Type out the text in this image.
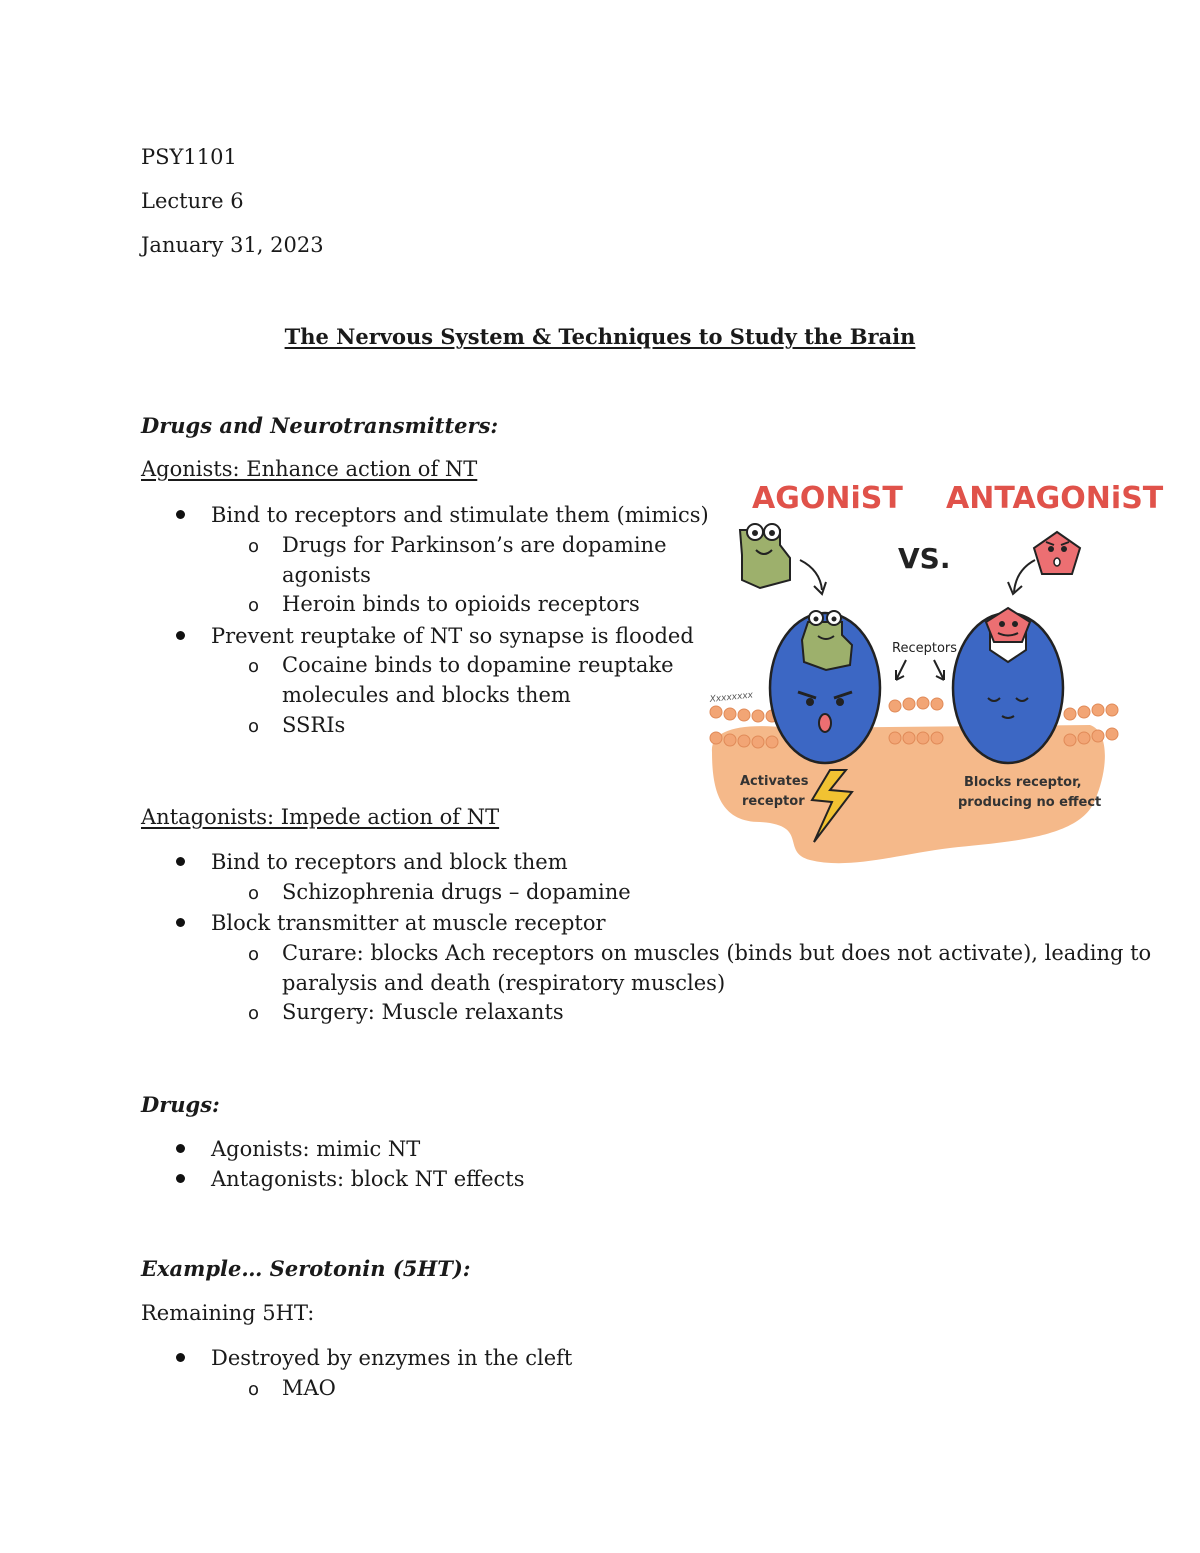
PSY1101
Lecture 6
January 31, 2023
The Nervous System & Techniques to Study the Brain
Drugs and Neurotransmitters:
Agonists: Enhance action of NT
Bind to receptors and stimulate them (mimics)
o Drugs for Parkinson’s are dopamine
agonists
o Heroin binds to opioids receptors
Prevent reuptake of NT so synapse is flooded
o Cocaine binds to dopamine reuptake
molecules and blocks them
o SSRIs
Antagonists: Impede action of NT
Bind to receptors and block them
o Schizophrenia drugs – dopamine
Block transmitter at muscle receptor
o Curare: blocks Ach receptors on muscles (binds but does not activate), leading to
paralysis and death (respiratory muscles)
o Surgery: Muscle relaxants
Drugs:
Agonists: mimic NT
Antagonists: block NT effects
Example… Serotonin (5HT):
Remaining 5HT:
Destroyed by enzymes in the cleft
o MAO
Xxxxxxxx
AGONiST ANTAGONiST
VS.
Receptors
Activates
receptor
Blocks receptor,
producing no effect
